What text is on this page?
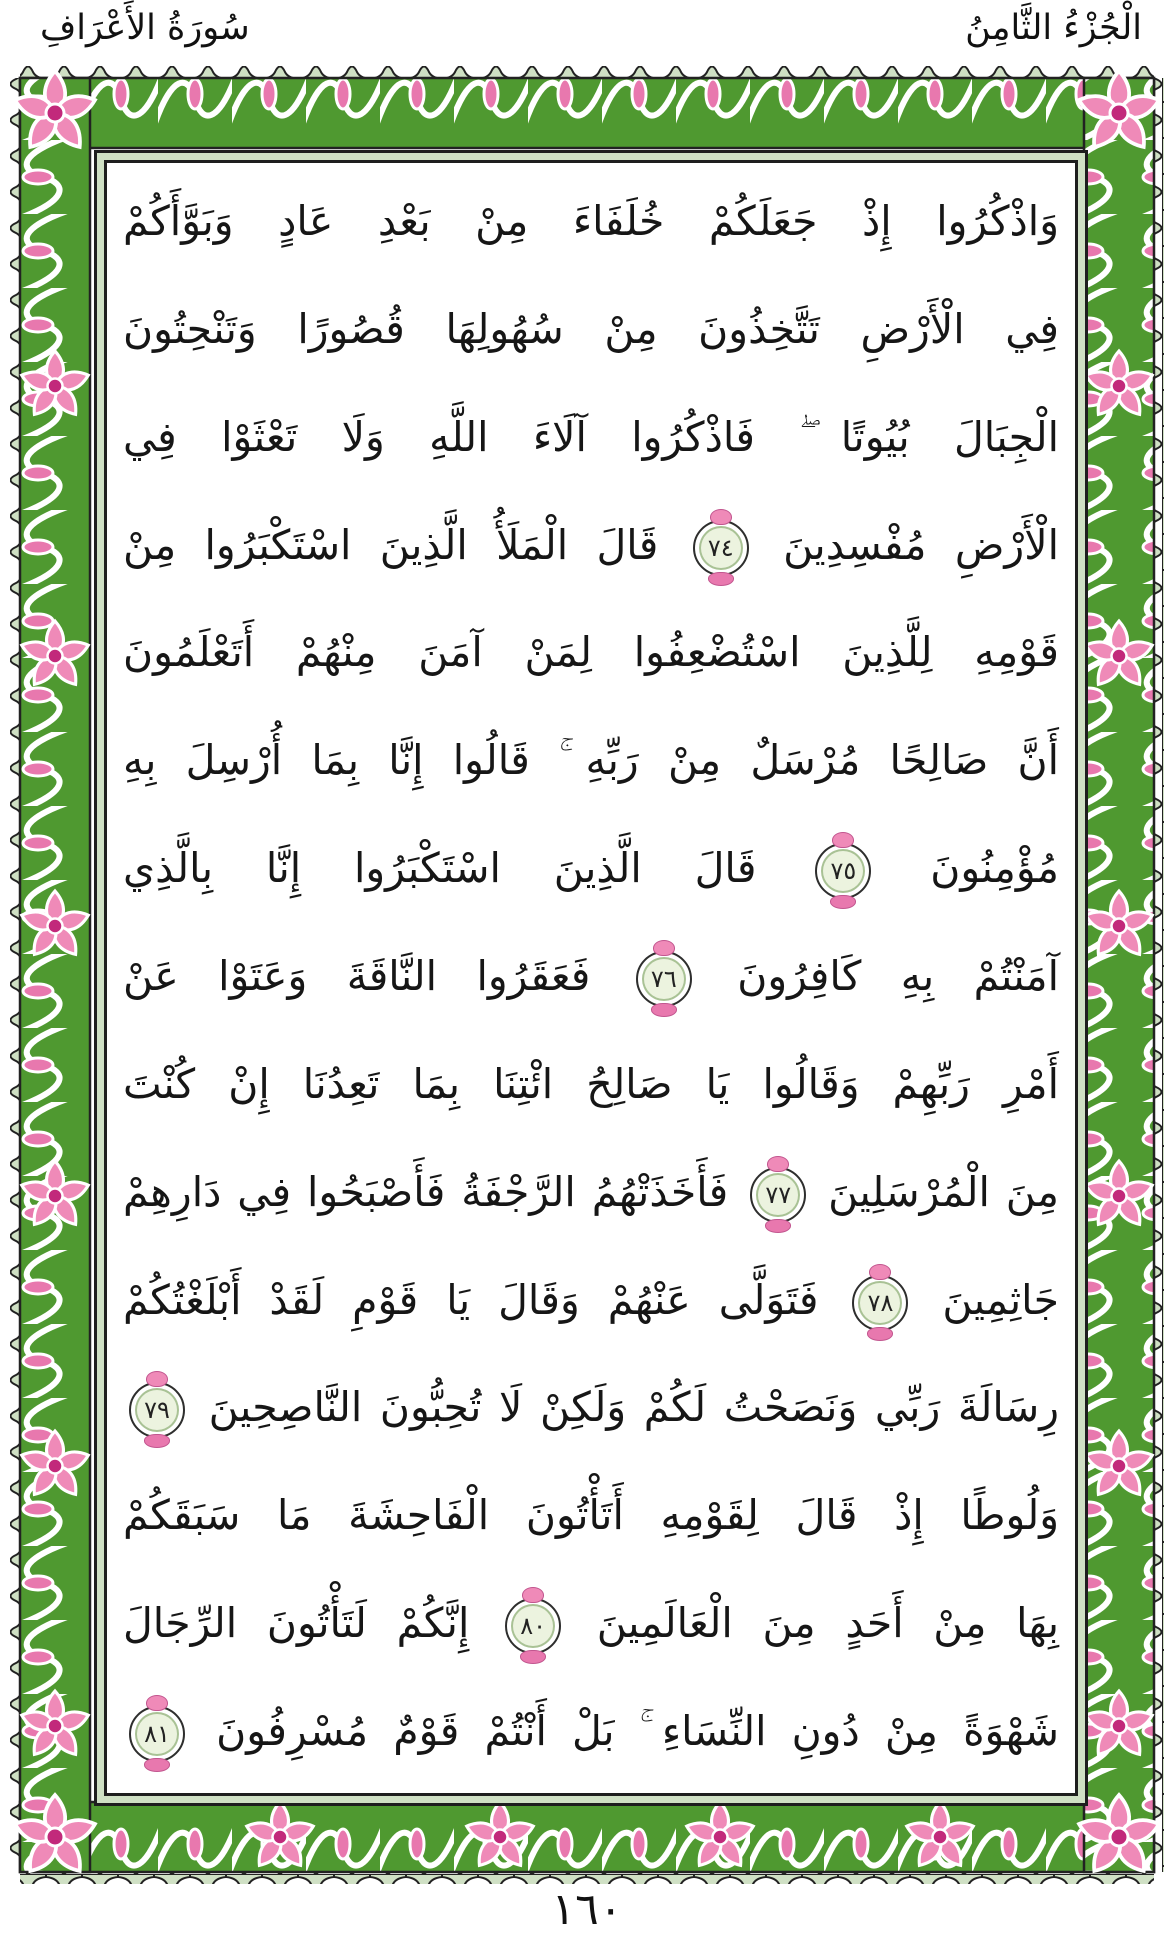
سُورَةُ الأَعْرَافِ	الْجُزْءُ الثَّامِنُ
وَاذْكُرُوا إِذْ جَعَلَكُمْ خُلَفَاءَ مِنْ بَعْدِ عَادٍ وَبَوَّأَكُمْ
فِي الْأَرْضِ تَتَّخِذُونَ مِنْ سُهُولِهَا قُصُورًا وَتَنْحِتُونَ
الْجِبَالَ بُيُوتًا ۖ فَاذْكُرُوا آلَاءَ اللَّهِ وَلَا تَعْثَوْا فِي
الْأَرْضِ مُفْسِدِينَ
٧٤
قَالَ الْمَلَأُ الَّذِينَ اسْتَكْبَرُوا مِنْ
قَوْمِهِ لِلَّذِينَ اسْتُضْعِفُوا لِمَنْ آمَنَ مِنْهُمْ أَتَعْلَمُونَ
أَنَّ صَالِحًا مُرْسَلٌ مِنْ رَبِّهِ ۚ قَالُوا إِنَّا بِمَا أُرْسِلَ بِهِ
مُؤْمِنُونَ
٧٥
قَالَ الَّذِينَ اسْتَكْبَرُوا إِنَّا بِالَّذِي
آمَنْتُمْ بِهِ كَافِرُونَ
٧٦
فَعَقَرُوا النَّاقَةَ وَعَتَوْا عَنْ
أَمْرِ رَبِّهِمْ وَقَالُوا يَا صَالِحُ ائْتِنَا بِمَا تَعِدُنَا إِنْ كُنْتَ
مِنَ الْمُرْسَلِينَ
٧٧
فَأَخَذَتْهُمُ الرَّجْفَةُ فَأَصْبَحُوا فِي دَارِهِمْ
جَاثِمِينَ
٧٨
فَتَوَلَّى عَنْهُمْ وَقَالَ يَا قَوْمِ لَقَدْ أَبْلَغْتُكُمْ
رِسَالَةَ رَبِّي وَنَصَحْتُ لَكُمْ وَلَكِنْ لَا تُحِبُّونَ النَّاصِحِينَ
٧٩
وَلُوطًا إِذْ قَالَ لِقَوْمِهِ أَتَأْتُونَ الْفَاحِشَةَ مَا سَبَقَكُمْ
بِهَا مِنْ أَحَدٍ مِنَ الْعَالَمِينَ
٨٠
إِنَّكُمْ لَتَأْتُونَ الرِّجَالَ
شَهْوَةً مِنْ دُونِ النِّسَاءِ ۚ بَلْ أَنْتُمْ قَوْمٌ مُسْرِفُونَ
٨١
١٦٠
